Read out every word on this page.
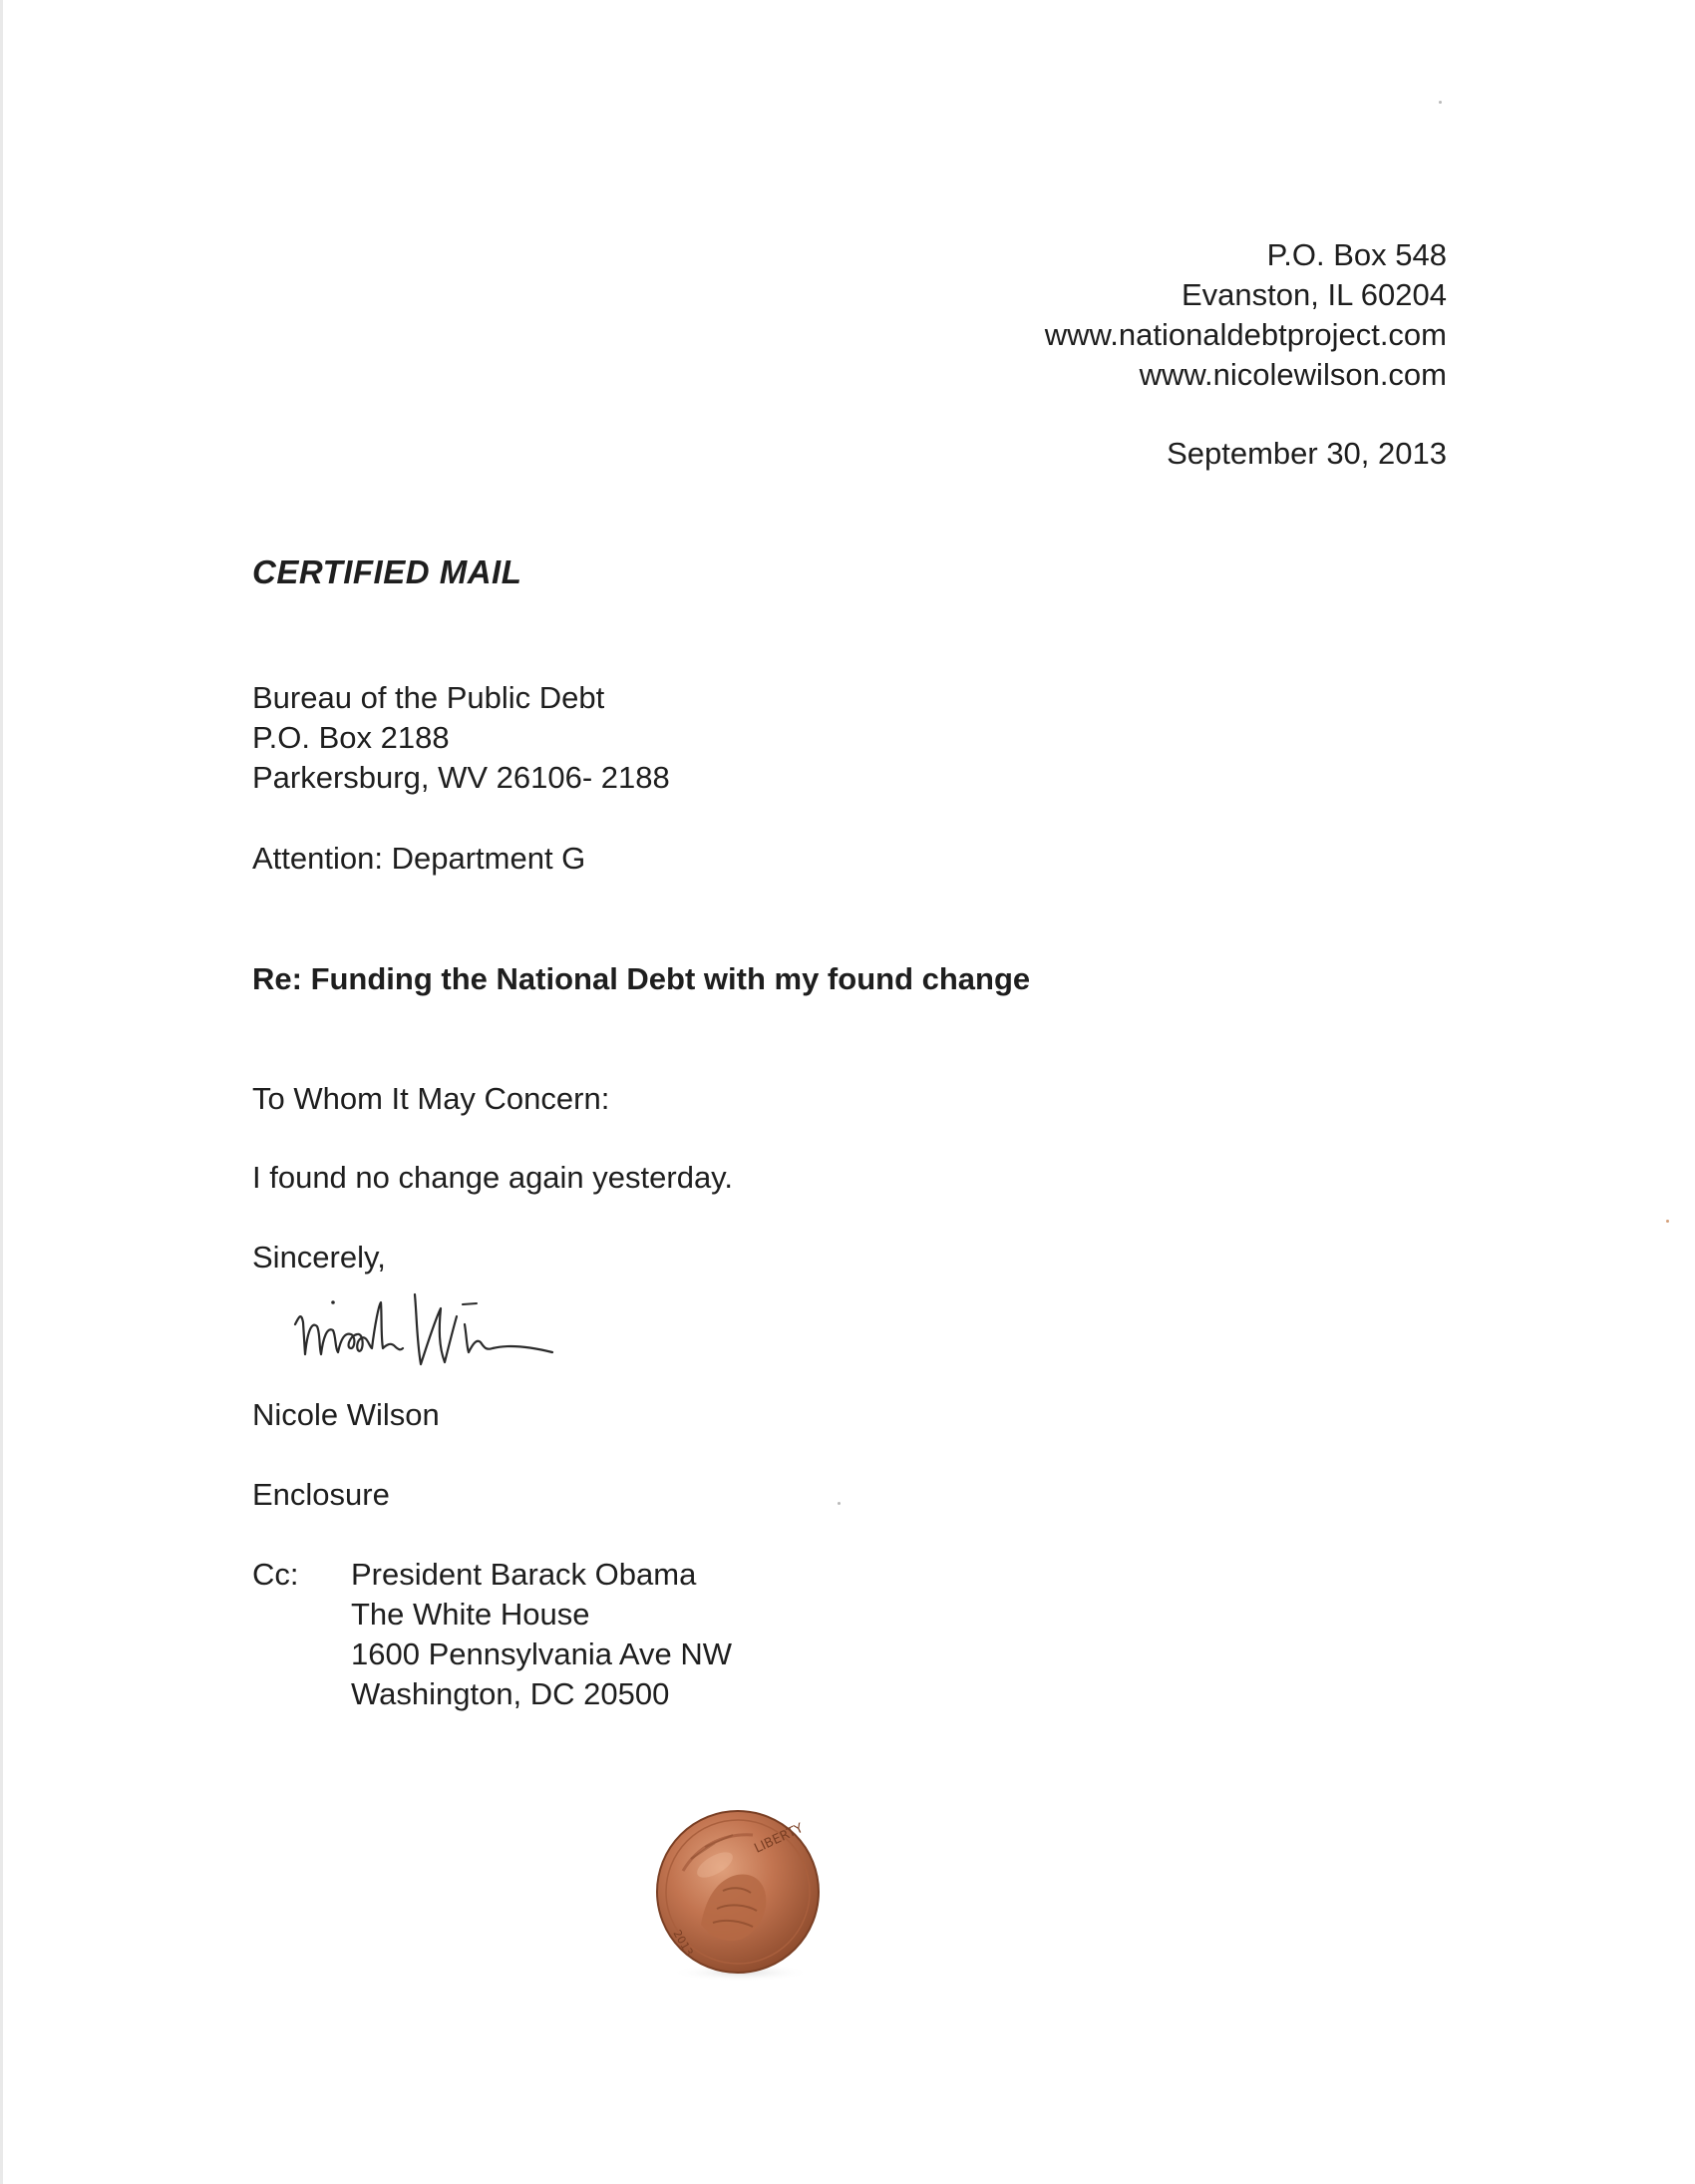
P.O. Box 548
Evanston, IL 60204
www.nationaldebtproject.com
www.nicolewilson.com
September 30, 2013
CERTIFIED MAIL
Bureau of the Public Debt
P.O. Box 2188
Parkersburg, WV 26106- 2188
Attention: Department G
Re: Funding the National Debt with my found change
To Whom It May Concern:
I found no change again yesterday.
Sincerely,
Nicole Wilson
Enclosure
Cc: President Barack Obama
The White House
1600 Pennsylvania Ave NW
Washington, DC 20500
LIBERTY
2013
